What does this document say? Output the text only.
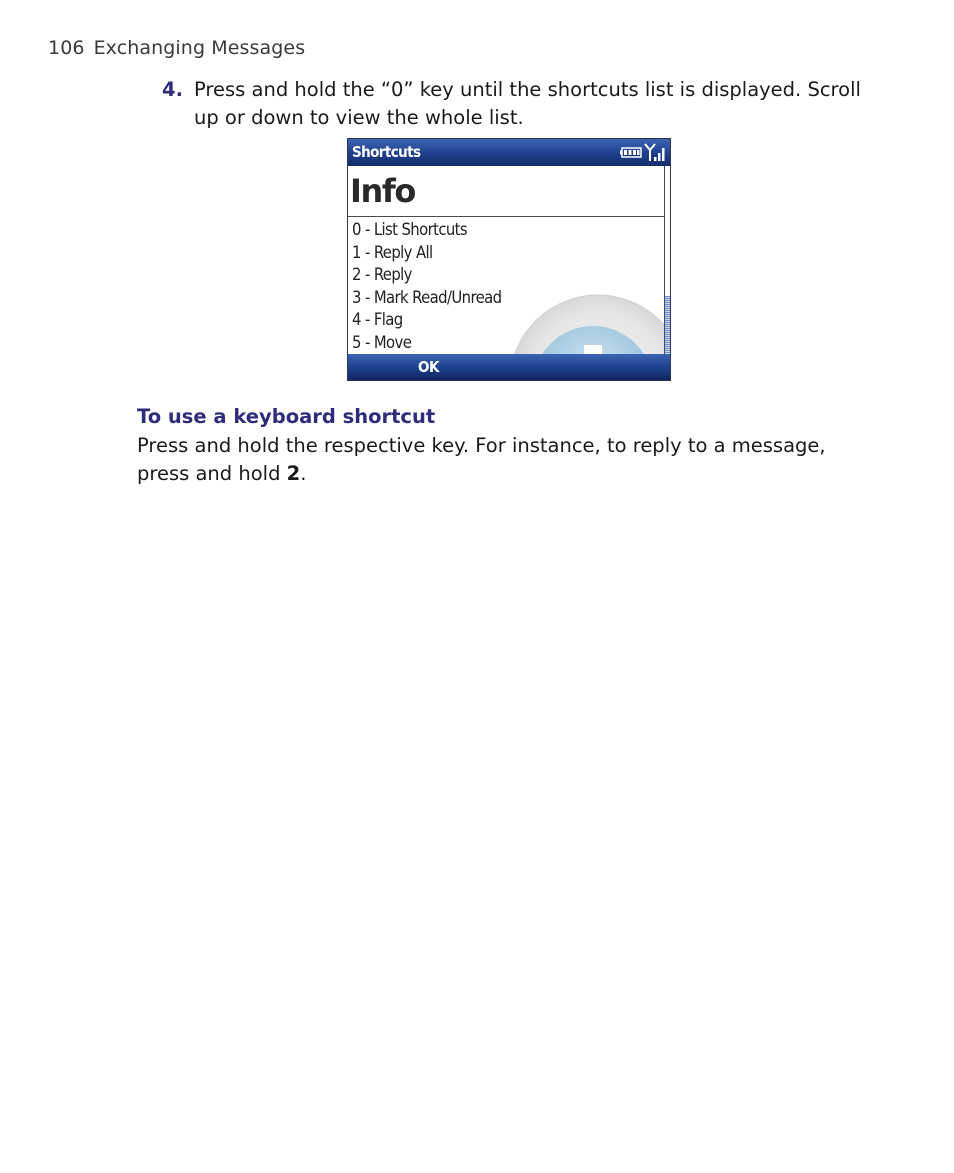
106 Exchanging Messages
4. Press and hold the “0” key until the shortcuts list is displayed. Scroll up or down to view the whole list.
Shortcuts
Info
0 - List Shortcuts
1 - Reply All
2 - Reply
3 - Mark Read/Unread
4 - Flag
5 - Move
OK
To use a keyboard shortcut
Press and hold the respective key. For instance, to reply to a message, press and hold 2.
